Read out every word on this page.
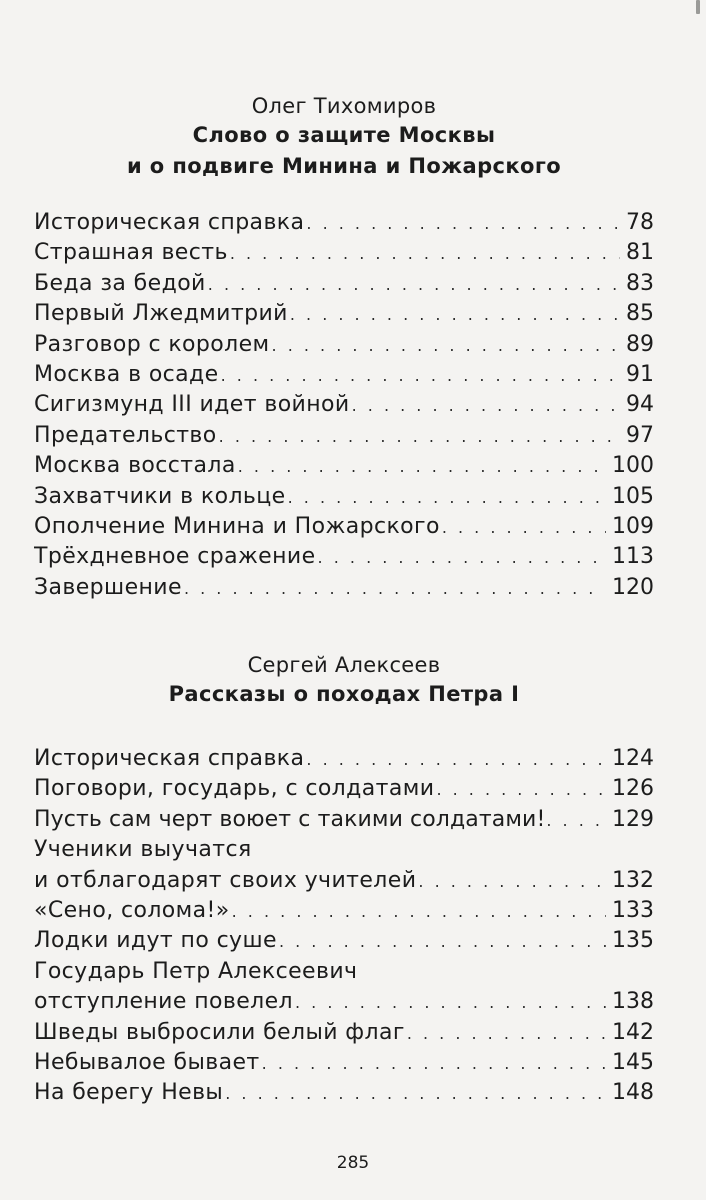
Олег Тихомиров

Слово о защите Москвы

и о подвиге Минина и Пожарского

Историческая справка . . .	78
Страшная весть . . .	81
Беда за бедой . . .	83
Первый Лжедмитрий . . .	85
Разговор с королем . . .	89
Москва в осаде . . .	91
Сигизмунд III идет войной . . .	94
Предательство . . .	97
Москва восстала . . .	100
Захватчики в кольце . . .	105
Ополчение Минина и Пожарского . . .	109
Трёхдневное сражение . . .	113
Завершение . . .	120

Сергей Алексеев

Рассказы о походах Петра I

Историческая справка . . .	124
Поговори, государь, с солдатами . . .	126
Пусть сам черт воюет с такими солдатами! . . .	129
Ученики выучатся
и отблагодарят своих учителей . . .	132
«Сено, солома!» . . .	133
Лодки идут по суше . . .	135
Государь Петр Алексеевич
отступление повелел . . .	138
Шведы выбросили белый флаг . . .	142
Небывалое бывает . . .	145
На берегу Невы . . .	148
285
